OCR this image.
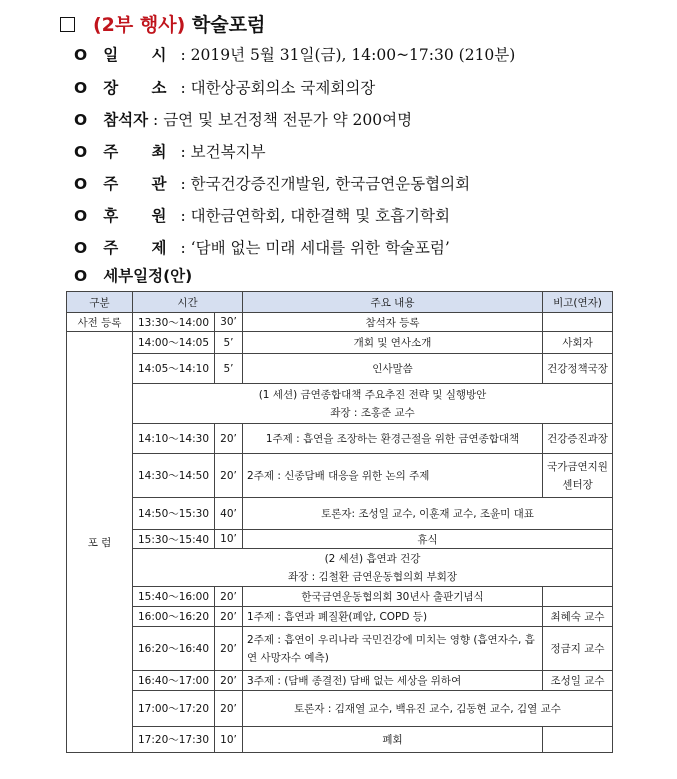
(2부 행사) 학술포럼
O 일 시: 2019년 5월 31일(금), 14:00~17:30 (210분)
O 장 소: 대한상공회의소 국제회의장
O 참석자 : 금연 및 보건정책 전문가 약 200여명
O 주 최: 보건복지부
O 주 관: 한국건강증진개발원, 한국금연운동협의회
O 후 원: 대한금연학회, 대한결핵 및 호흡기학회
O 주 제: ‘담배 없는 미래 세대를 위한 학술포럼’
O 세부일정(안)
구분	시간		주요 내용	비고(연자)
사전 등록	13:30～14:00	30’	참석자 등록	
포 럼	14:00～14:05	5’	개회 및 연사소개	사회자
	14:05～14:10	5’	인사말씀	건강정책국장

	(1 세션) 금연종합대책 주요추진 전략 및 실행방안
좌장 : 조홍준 교수			

	14:10～14:30	20’	1주제 : 흡연을 조장하는 환경근절을 위한 금연종합대책	건강증진과장
	14:30～14:50	20’	2주제 : 신종담배 대응을 위한 논의 주제	국가금연지원 센터장
	14:50～15:30	40’	토론자: 조성일 교수, 이훈재 교수, 조윤미 대표	
	15:30～15:40	10’	휴식	

	(2 세션) 흡연과 건강
좌장 : 김철환 금연운동협의회 부회장			

	15:40～16:00	20’	한국금연운동협의회 30년사 출판기념식	
	16:00～16:20	20’	1주제 : 흡연과 폐질환(폐암, COPD 등)	최혜숙 교수
	16:20～16:40	20’	2주제 : 흡연이 우리나라 국민건강에 미치는 영향 (흡연자수, 흡연 사망자수 예측)	정금지 교수
	16:40～17:00	20’	3주제 : (담배 종결전) 담배 없는 세상을 위하여	조성일 교수
	17:00～17:20	20’	토론자 : 김재열 교수, 백유진 교수, 김동현 교수, 김열 교수	
	17:20～17:30	10’	폐회	
